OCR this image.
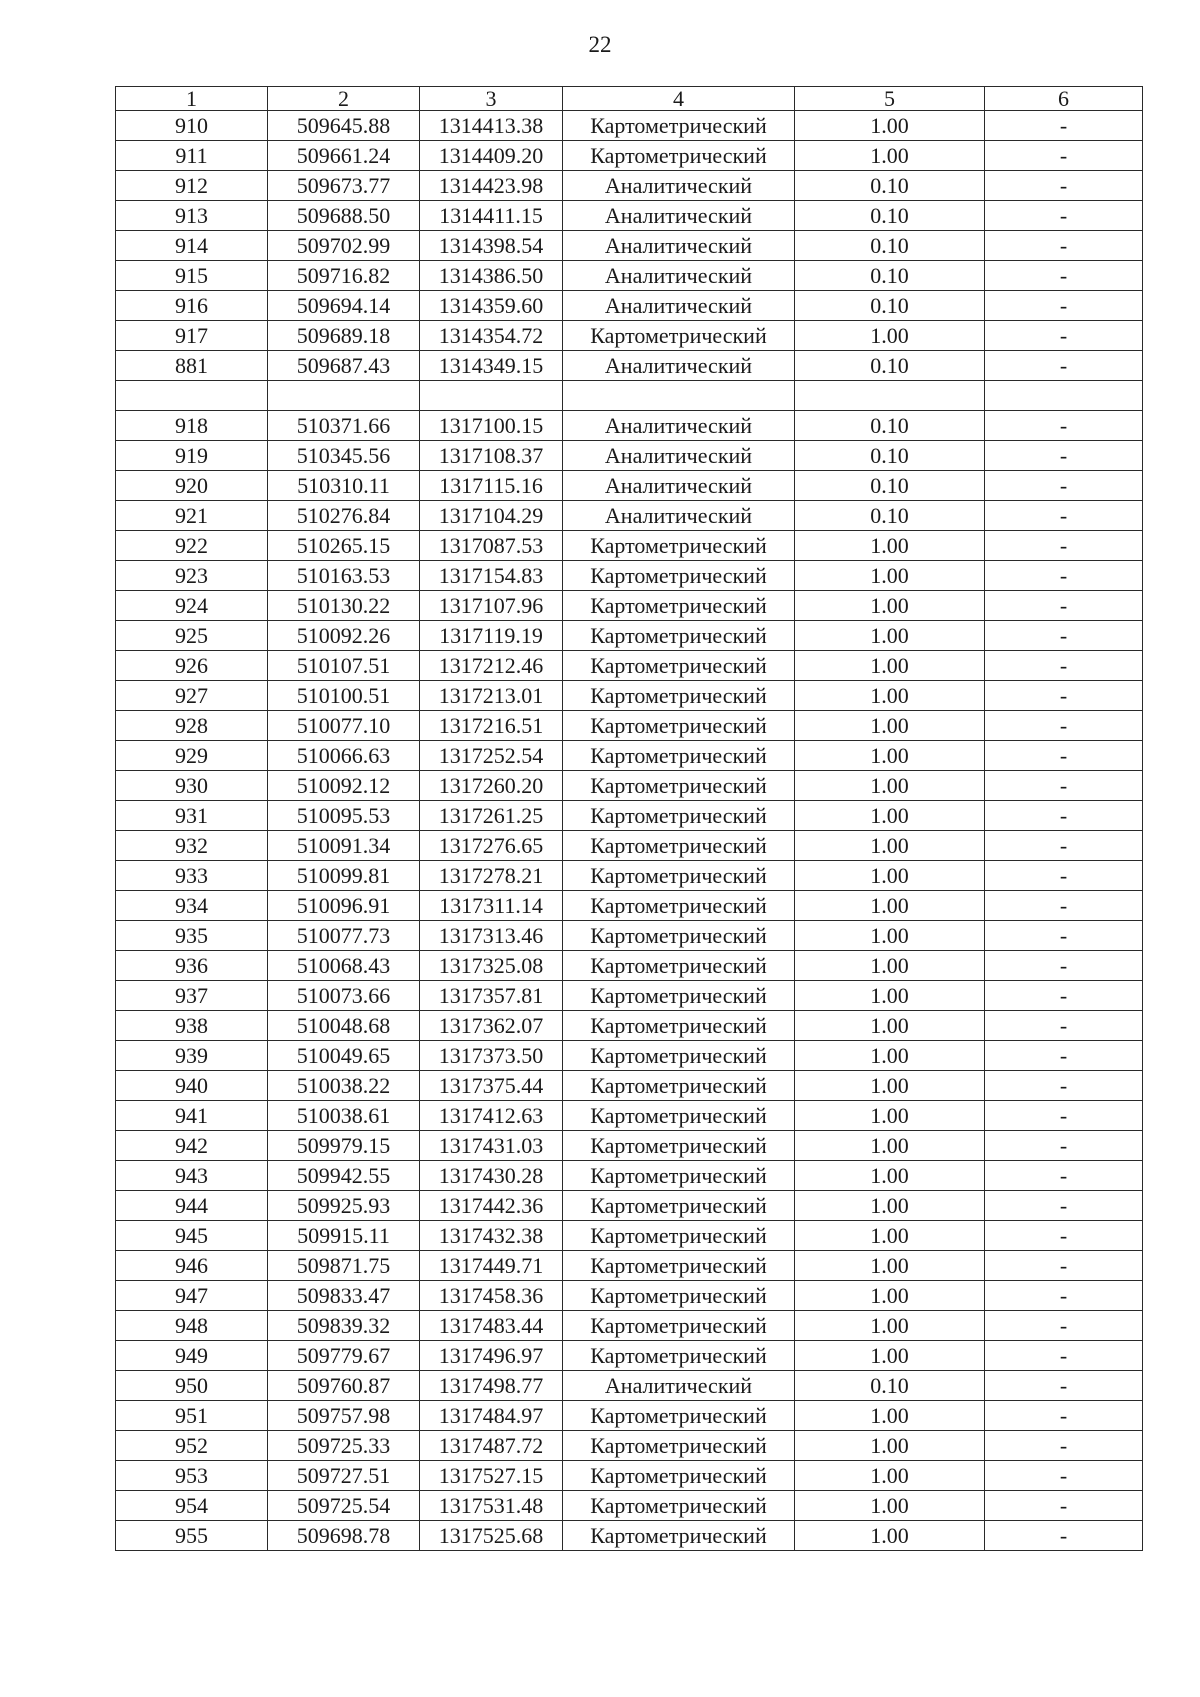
22
1	2	3	4	5	6
910	509645.88	1314413.38	Картометрический	1.00	-
911	509661.24	1314409.20	Картометрический	1.00	-
912	509673.77	1314423.98	Аналитический	0.10	-
913	509688.50	1314411.15	Аналитический	0.10	-
914	509702.99	1314398.54	Аналитический	0.10	-
915	509716.82	1314386.50	Аналитический	0.10	-
916	509694.14	1314359.60	Аналитический	0.10	-
917	509689.18	1314354.72	Картометрический	1.00	-
881	509687.43	1314349.15	Аналитический	0.10	-

918	510371.66	1317100.15	Аналитический	0.10	-
919	510345.56	1317108.37	Аналитический	0.10	-
920	510310.11	1317115.16	Аналитический	0.10	-
921	510276.84	1317104.29	Аналитический	0.10	-
922	510265.15	1317087.53	Картометрический	1.00	-
923	510163.53	1317154.83	Картометрический	1.00	-
924	510130.22	1317107.96	Картометрический	1.00	-
925	510092.26	1317119.19	Картометрический	1.00	-
926	510107.51	1317212.46	Картометрический	1.00	-
927	510100.51	1317213.01	Картометрический	1.00	-
928	510077.10	1317216.51	Картометрический	1.00	-
929	510066.63	1317252.54	Картометрический	1.00	-
930	510092.12	1317260.20	Картометрический	1.00	-
931	510095.53	1317261.25	Картометрический	1.00	-
932	510091.34	1317276.65	Картометрический	1.00	-
933	510099.81	1317278.21	Картометрический	1.00	-
934	510096.91	1317311.14	Картометрический	1.00	-
935	510077.73	1317313.46	Картометрический	1.00	-
936	510068.43	1317325.08	Картометрический	1.00	-
937	510073.66	1317357.81	Картометрический	1.00	-
938	510048.68	1317362.07	Картометрический	1.00	-
939	510049.65	1317373.50	Картометрический	1.00	-
940	510038.22	1317375.44	Картометрический	1.00	-
941	510038.61	1317412.63	Картометрический	1.00	-
942	509979.15	1317431.03	Картометрический	1.00	-
943	509942.55	1317430.28	Картометрический	1.00	-
944	509925.93	1317442.36	Картометрический	1.00	-
945	509915.11	1317432.38	Картометрический	1.00	-
946	509871.75	1317449.71	Картометрический	1.00	-
947	509833.47	1317458.36	Картометрический	1.00	-
948	509839.32	1317483.44	Картометрический	1.00	-
949	509779.67	1317496.97	Картометрический	1.00	-
950	509760.87	1317498.77	Аналитический	0.10	-
951	509757.98	1317484.97	Картометрический	1.00	-
952	509725.33	1317487.72	Картометрический	1.00	-
953	509727.51	1317527.15	Картометрический	1.00	-
954	509725.54	1317531.48	Картометрический	1.00	-
955	509698.78	1317525.68	Картометрический	1.00	-
